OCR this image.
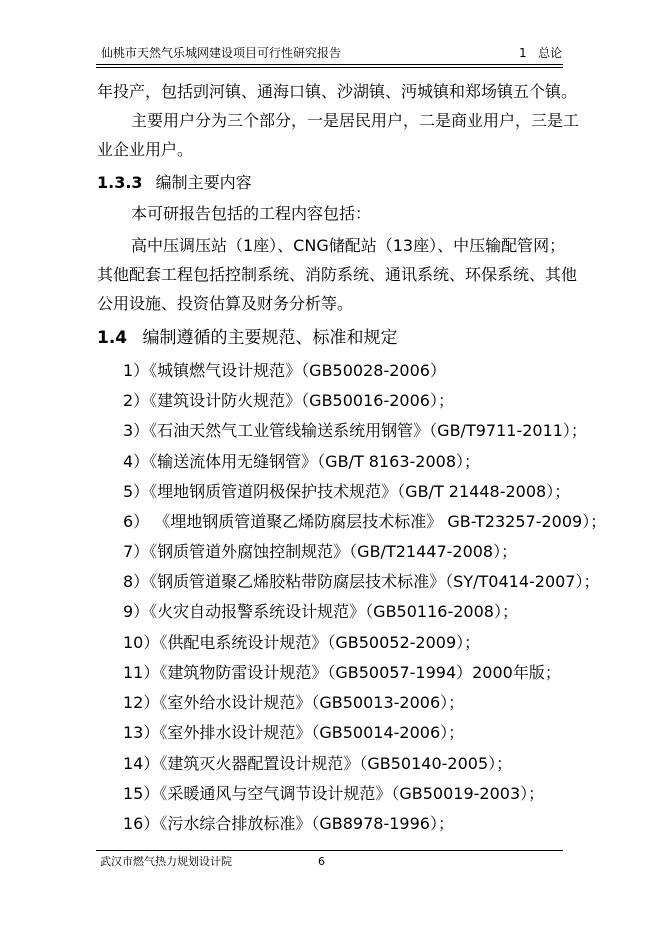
仙桃市天然气乐城网建设项目可行性研究报告	1   总论
年投产，包括剅河镇、通海口镇、沙湖镇、沔城镇和郑场镇五个镇。
主要用户分为三个部分，一是居民用户，二是商业用户，三是工
业企业用户。
1.3.3 编制主要内容
本可研报告包括的工程内容包括：
高中压调压站（1座）、CNG储配站（13座）、中压输配管网；
其他配套工程包括控制系统、消防系统、通讯系统、环保系统、其他
公用设施、投资估算及财务分析等。
1.4 编制遵循的主要规范、标准和规定
1）《城镇燃气设计规范》（GB50028-2006）
2）《建筑设计防火规范》（GB50016-2006）；
3）《石油天然气工业管线输送系统用钢管》（GB/T9711-2011）；
4）《输送流体用无缝钢管》（GB/T 8163-2008）；
5）《埋地钢质管道阴极保护技术规范》（GB/T 21448-2008）；
6） 《埋地钢质管道聚乙烯防腐层技术标准》 GB-T23257-2009）；
7）《钢质管道外腐蚀控制规范》（GB/T21447-2008）；
8）《钢质管道聚乙烯胶粘带防腐层技术标准》（SY/T0414-2007）；
9）《火灾自动报警系统设计规范》（GB50116-2008）；
10）《供配电系统设计规范》（GB50052-2009）；
11）《建筑物防雷设计规范》（GB50057-1994）2000年版；
12）《室外给水设计规范》（GB50013-2006）；
13）《室外排水设计规范》（GB50014-2006）；
14）《建筑灭火器配置设计规范》（GB50140-2005）；
15）《采暖通风与空气调节设计规范》（GB50019-2003）；
16）《污水综合排放标准》（GB8978-1996）；
武汉市燃气热力规划设计院	6
